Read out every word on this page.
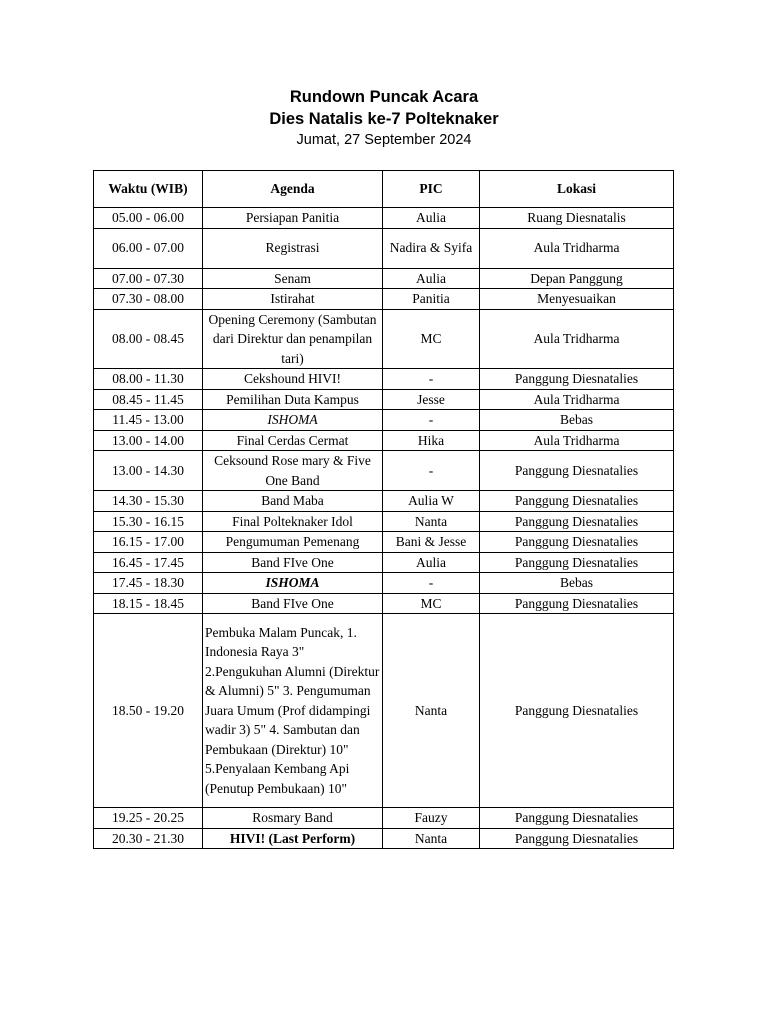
Rundown Puncak Acara
Dies Natalis ke-7 Polteknaker
Jumat, 27 September 2024
Waktu (WIB)	Agenda	PIC	Lokasi
05.00 - 06.00	Persiapan Panitia	Aulia	Ruang Diesnatalis
06.00 - 07.00	Registrasi	Nadira & Syifa	Aula Tridharma
07.00 - 07.30	Senam	Aulia	Depan Panggung
07.30 - 08.00	Istirahat	Panitia	Menyesuaikan
08.00 - 08.45	Opening Ceremony (Sambutan dari Direktur dan penampilan tari)	MC	Aula Tridharma
08.00 - 11.30	Cekshound HIVI!	-	Panggung Diesnatalies
08.45 - 11.45	Pemilihan Duta Kampus	Jesse	Aula Tridharma
11.45 - 13.00	ISHOMA	-	Bebas
13.00 - 14.00	Final Cerdas Cermat	Hika	Aula Tridharma
13.00 - 14.30	Ceksound Rose mary & Five One Band	-	Panggung Diesnatalies
14.30 - 15.30	Band Maba	Aulia W	Panggung Diesnatalies
15.30 - 16.15	Final Polteknaker Idol	Nanta	Panggung Diesnatalies
16.15 - 17.00	Pengumuman Pemenang	Bani & Jesse	Panggung Diesnatalies
16.45 - 17.45	Band FIve One	Aulia	Panggung Diesnatalies
17.45 - 18.30	ISHOMA	-	Bebas
18.15 - 18.45	Band FIve One	MC	Panggung Diesnatalies
18.50 - 19.20	Pembuka Malam Puncak, 1. Indonesia Raya 3" 2.Pengukuhan Alumni (Direktur & Alumni) 5" 3. Pengumuman Juara Umum (Prof didampingi wadir 3) 5" 4. Sambutan dan Pembukaan (Direktur) 10" 5.Penyalaan Kembang Api (Penutup Pembukaan) 10"	Nanta	Panggung Diesnatalies
19.25 - 20.25	Rosmary Band	Fauzy	Panggung Diesnatalies
20.30 - 21.30	HIVI! (Last Perform)	Nanta	Panggung Diesnatalies
